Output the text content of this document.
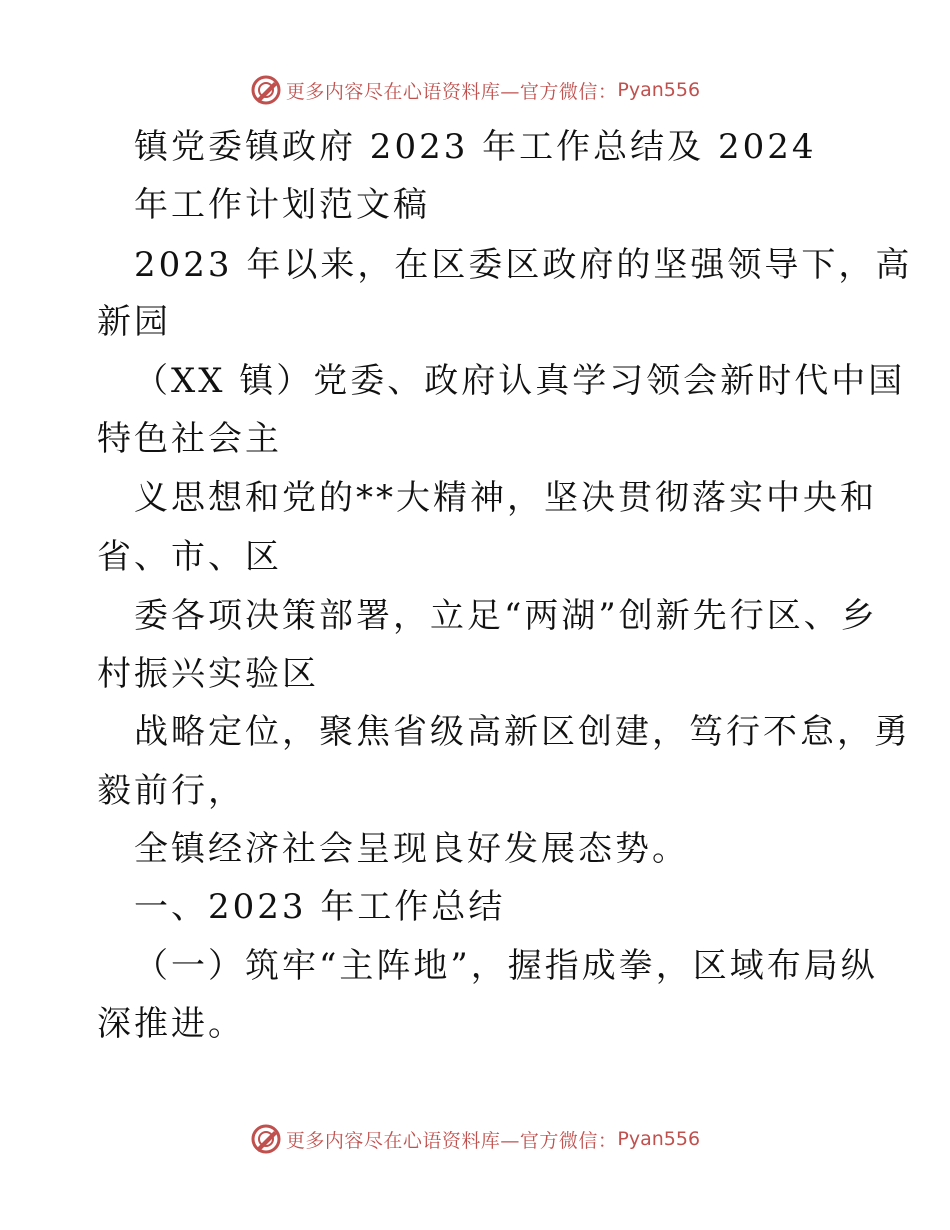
更多内容尽在心语资料库—官方微信： Pyan556
镇党委镇政府 2023 年工作总结及 2024
年工作计划范文稿
2023 年以来，在区委区政府的坚强领导下，高
新园
（XX 镇）党委、政府认真学习领会新时代中国
特色社会主
义思想和党的**大精神，坚决贯彻落实中央和
省、市、区
委各项决策部署，立足“两湖”创新先行区、乡
村振兴实验区
战略定位，聚焦省级高新区创建，笃行不怠，勇
毅前行，
全镇经济社会呈现良好发展态势。
一、2023 年工作总结
（一）筑牢“主阵地”，握指成拳，区域布局纵
深推进。
更多内容尽在心语资料库—官方微信： Pyan556
